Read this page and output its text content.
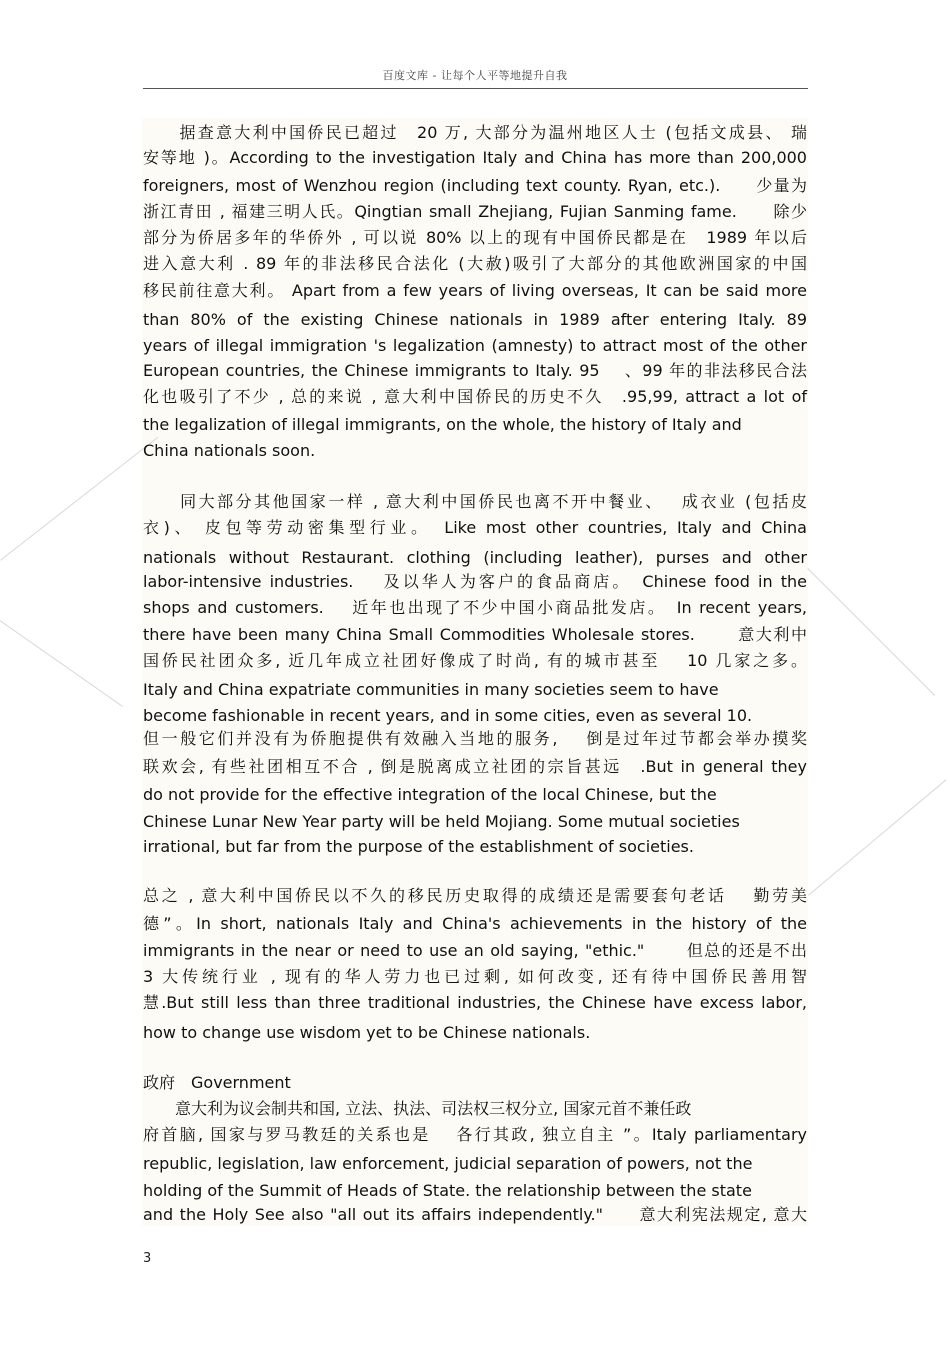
百度文库 - 让每个人平等地提升自我
　　据查意大利中国侨民已超过　20 万, 大部分为温州地区人士 (包括文成县、 瑞
安等地 )。According to the investigation Italy and China has more than 200,000
foreigners, most of Wenzhou region (including text county. Ryan, etc.).　　少量为
浙江青田 , 福建三明人氏。Qingtian small Zhejiang, Fujian Sanming fame.　　除少
部分为侨居多年的华侨外 , 可以说 80% 以上的现有中国侨民都是在　1989 年以后
进入意大利 . 89 年的非法移民合法化 (大赦)吸引了大部分的其他欧洲国家的中国
移民前往意大利。 Apart from a few years of living overseas, It can be said more
than 80% of the existing Chinese nationals in 1989 after entering Italy. 89
years of illegal immigration 's legalization (amnesty) to attract most of the other
European countries, the Chinese immigrants to Italy. 95　 、99 年的非法移民合法
化也吸引了不少 , 总的来说 , 意大利中国侨民的历史不久　.95,99, attract a lot of
the legalization of illegal immigrants, on the whole, the history of Italy and
China nationals soon.
　　同大部分其他国家一样 , 意大利中国侨民也离不开中餐业、　 成衣业 (包括皮
衣)、 皮包等劳动密集型行业。　Like most other countries, Italy and China
nationals without Restaurant. clothing (including leather), purses and other
labor-intensive industries.　 及以华人为客户的食品商店。　Chinese food in the
shops and customers.　 近年也出现了不少中国小商品批发店。　In recent years,
there have been many China Small Commodities Wholesale stores.　　 意大利中
国侨民社团众多, 近几年成立社团好像成了时尚, 有的城市甚至　 10 几家之多。
Italy and China expatriate communities in many societies seem to have
become fashionable in recent years, and in some cities, even as several 10.
但一般它们并没有为侨胞提供有效融入当地的服务,　 倒是过年过节都会举办摸奖
联欢会, 有些社团相互不合 , 倒是脱离成立社团的宗旨甚远　.But in general they
do not provide for the effective integration of the local Chinese, but the
Chinese Lunar New Year party will be held Mojiang. Some mutual societies
irrational, but far from the purpose of the establishment of societies.
总之 , 意大利中国侨民以不久的移民历史取得的成绩还是需要套句老话　 勤劳美
德”。In short, nationals Italy and China's achievements in the history of the
immigrants in the near or need to use an old saying, "ethic."　　 但总的还是不出
3 大传统行业 , 现有的华人劳力也已过剩, 如何改变, 还有待中国侨民善用智
慧.But still less than three traditional industries, the Chinese have excess labor,
how to change use wisdom yet to be Chinese nationals.
政府　Government
　　意大利为议会制共和国, 立法、执法、司法权三权分立, 国家元首不兼任政
府首脑, 国家与罗马教廷的关系也是　 各行其政, 独立自主 ”。Italy parliamentary
republic, legislation, law enforcement, judicial separation of powers, not the
holding of the Summit of Heads of State. the relationship between the state
and the Holy See also "all out its affairs independently."　　意大利宪法规定, 意大
3
